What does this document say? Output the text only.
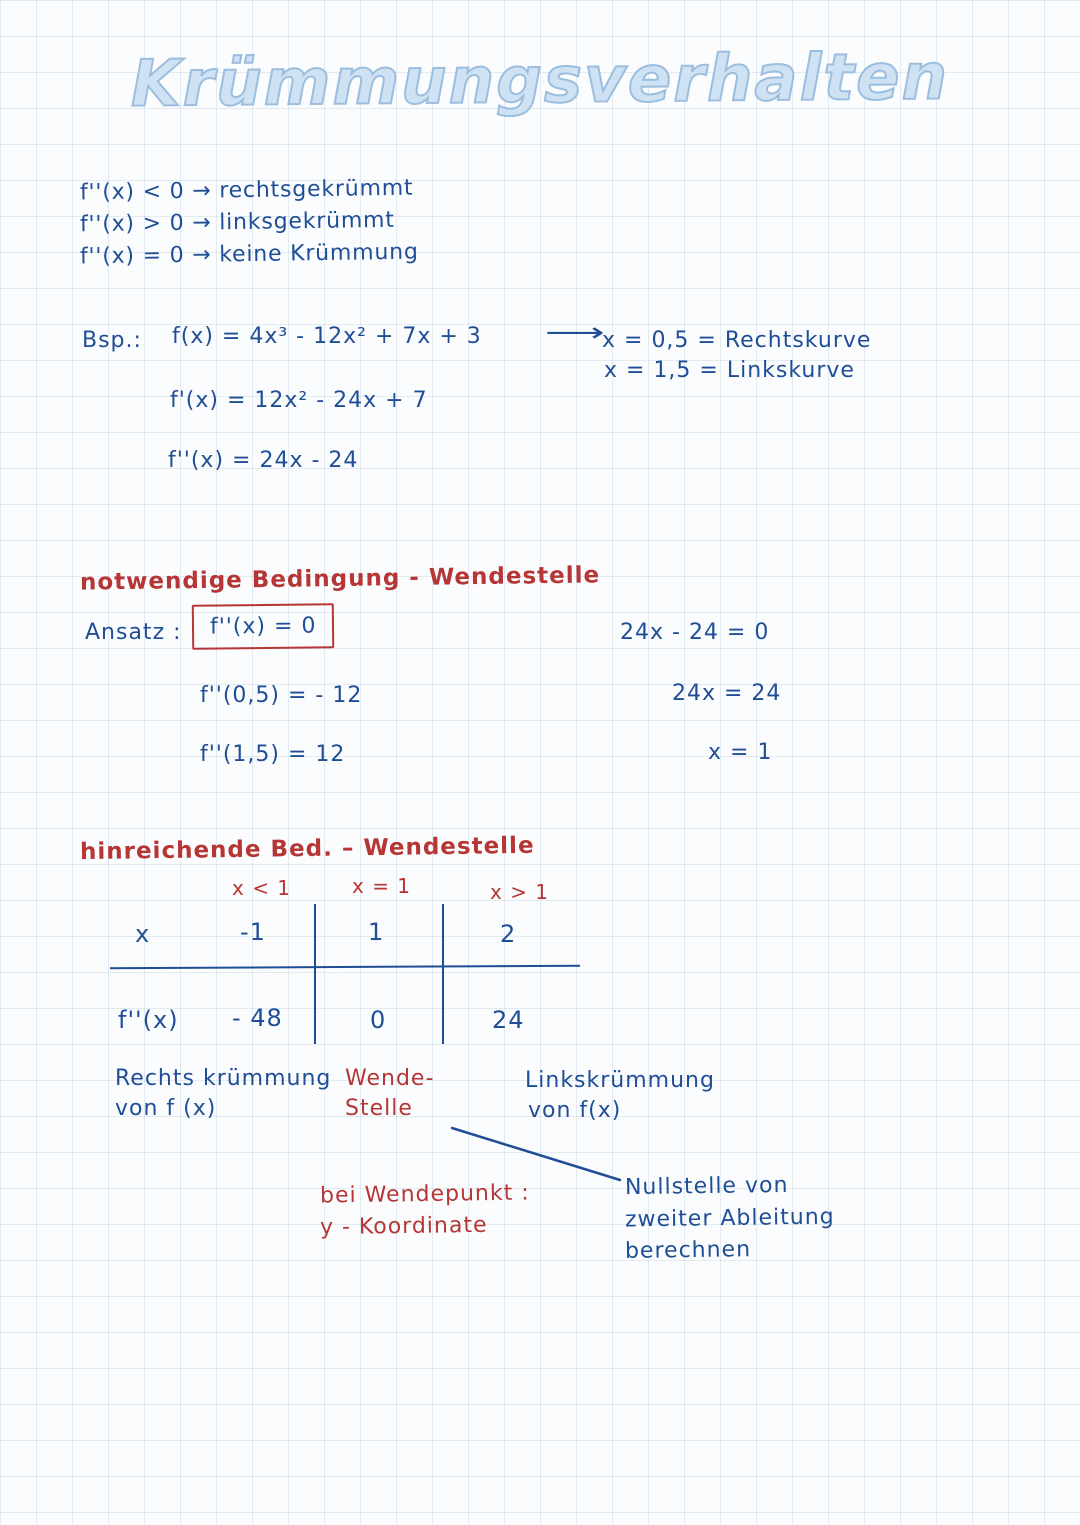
Krümmungsverhalten
f''(x) < 0 → rechtsgekrümmt
f''(x) > 0 → linksgekrümmt
f''(x) = 0 → keine Krümmung
Bsp.: f(x) = 4x³ - 12x² + 7x + 3 ⟶
x = 0,5 = Rechtskurve
x = 1,5 = Linkskurve
f'(x) = 12x² - 24x + 7
f''(x) = 24x - 24
notwendige Bedingung - Wendestelle
Ansatz :	f''(x) = 0	24x - 24 = 0
f''(0,5) = - 12	24x = 24
f''(1,5) = 12	x = 1
hinreichende Bed. – Wendestelle
x < 1	x = 1	x > 1
x	-1	1	2
f''(x) - 48	0	24
Rechts krümmung
von f (x)
Wende-
Stelle
Linkskrümmung
von f(x)
bei Wendepunkt :
y - Koordinate
Nullstelle von
zweiter Ableitung
berechnen
